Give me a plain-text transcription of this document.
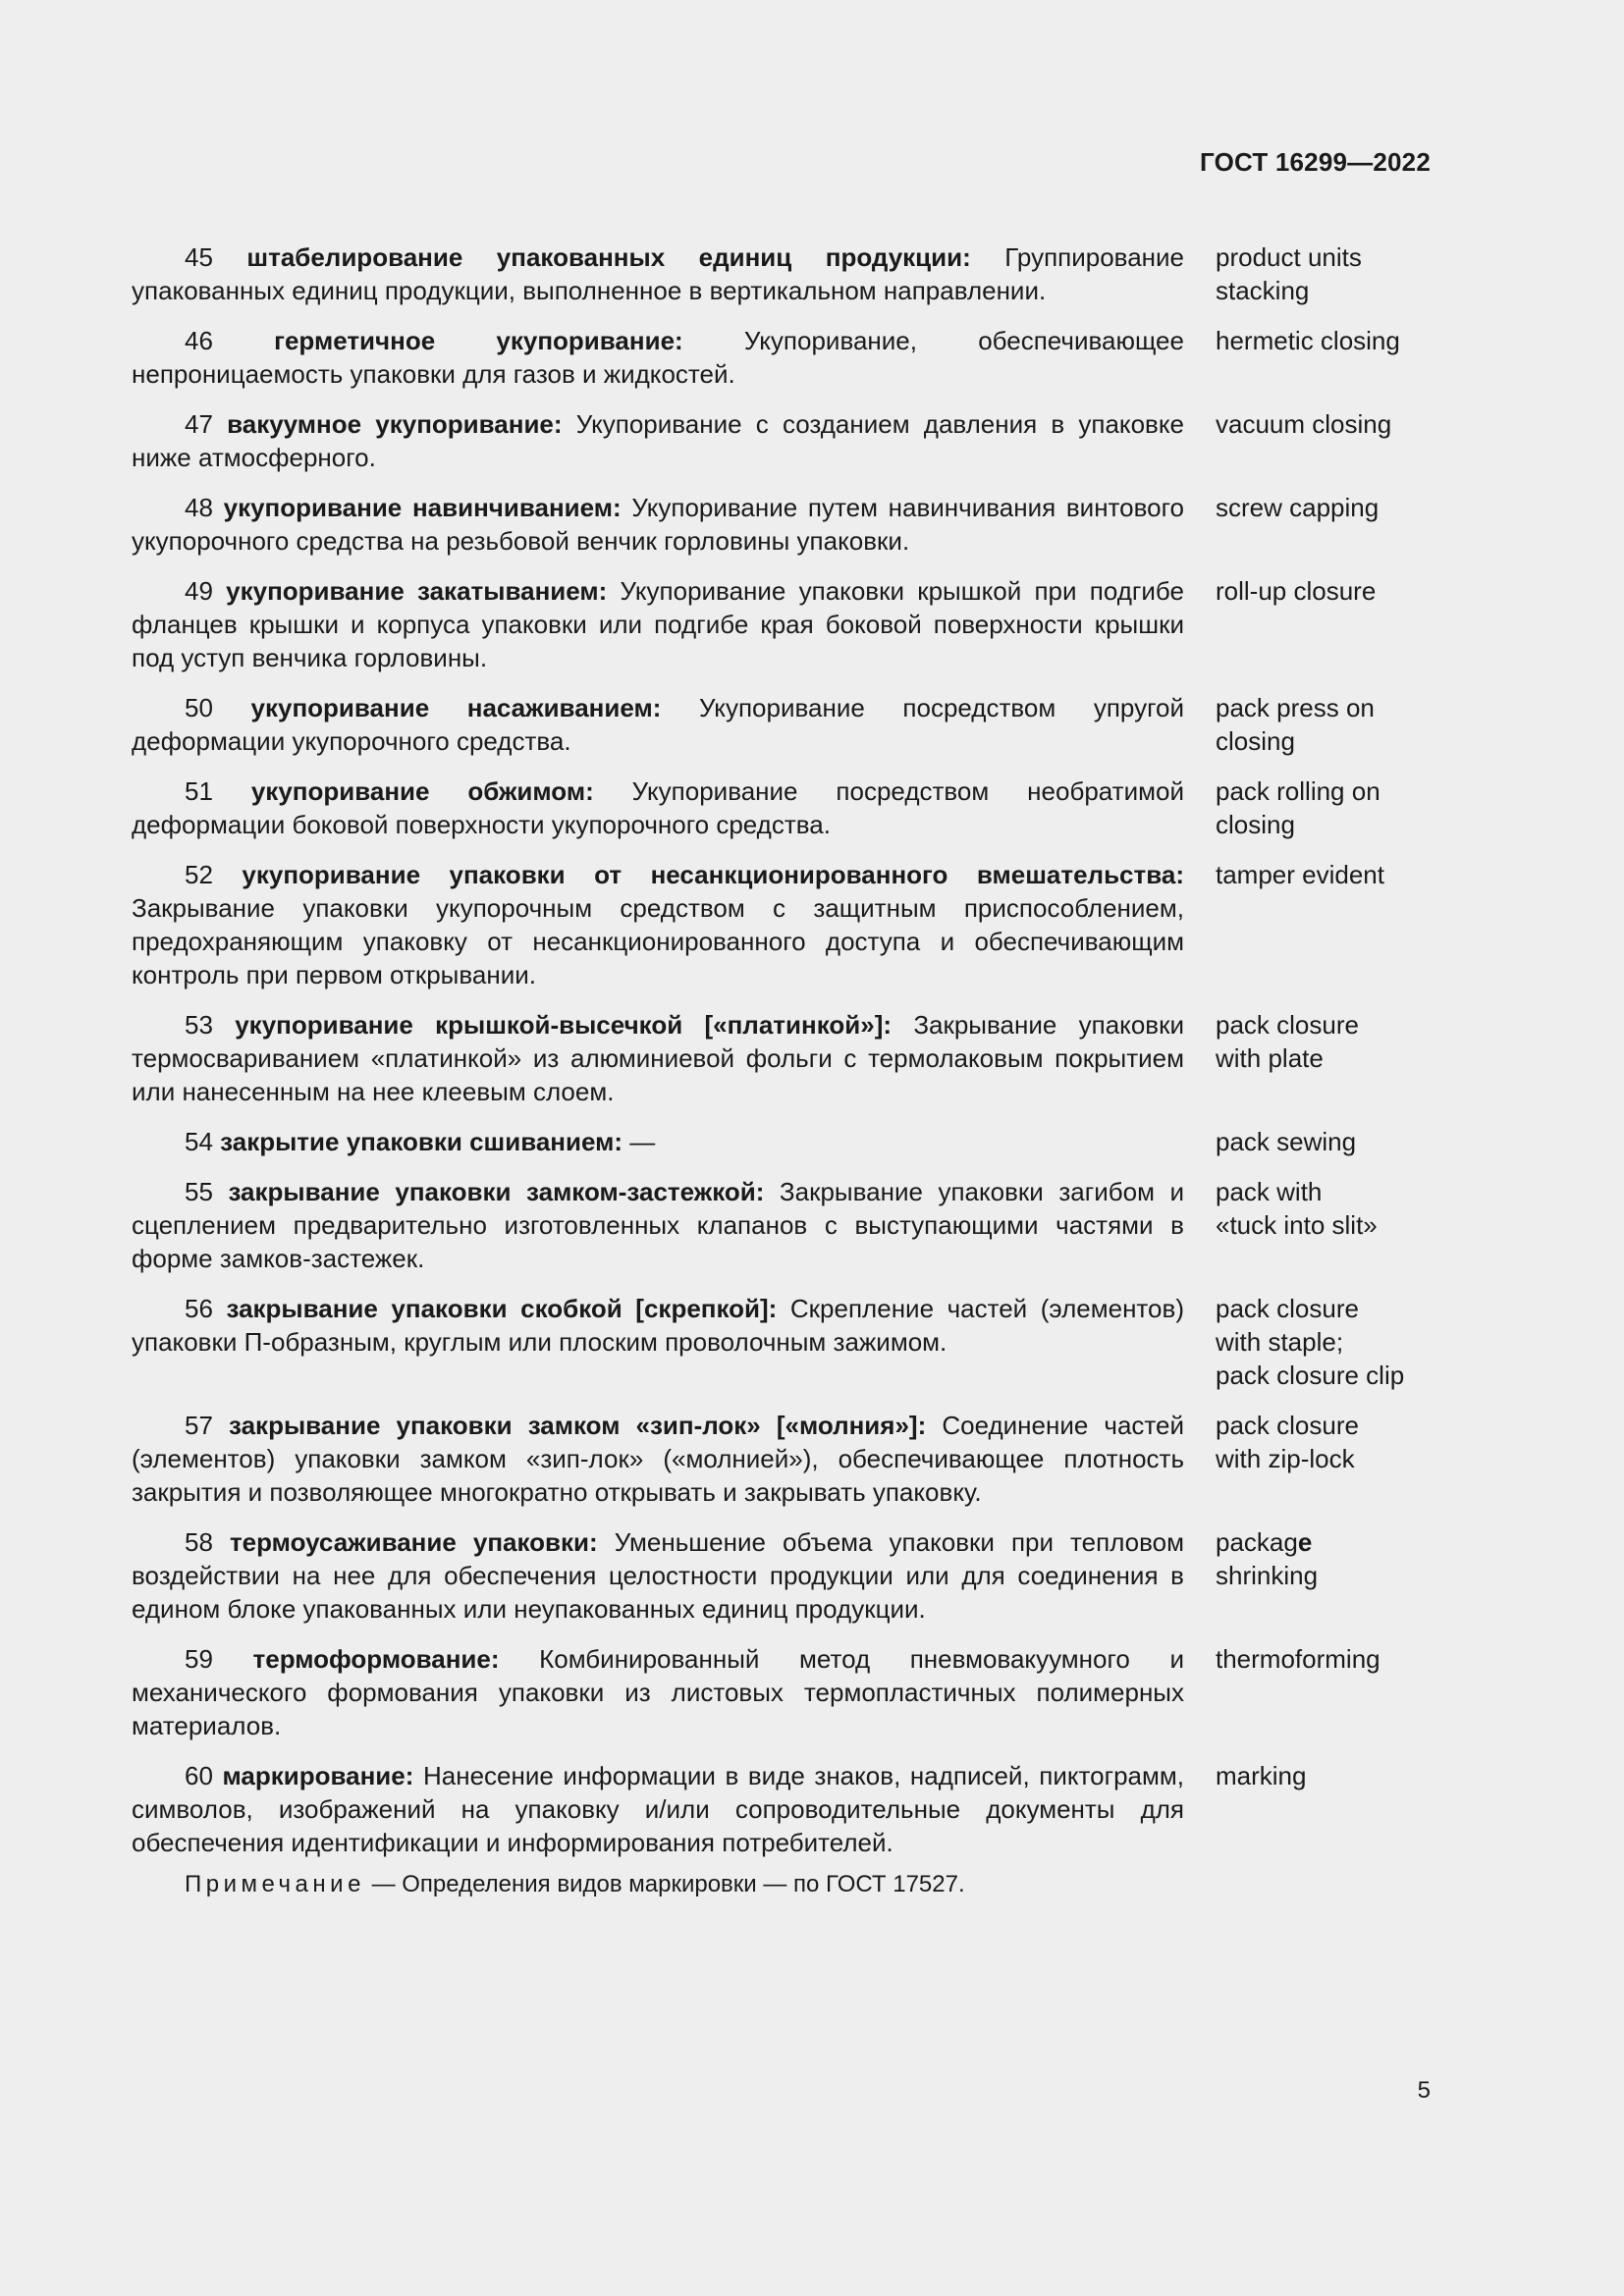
ГОСТ 16299—2022
45 штабелирование упакованных единиц продукции: Группирование упакованных единиц продукции, выполненное в вертикальном направлении.
product units
stacking
46 герметичное укупоривание: Укупоривание, обеспечивающее непроницаемость упаковки для газов и жидкостей.
hermetic closing
47 вакуумное укупоривание: Укупоривание с созданием давления в упаковке ниже атмосферного.
vacuum closing
48 укупоривание навинчиванием: Укупоривание путем навинчивания винтового укупорочного средства на резьбовой венчик горловины упаковки.
screw capping
49 укупоривание закатыванием: Укупоривание упаковки крышкой при подгибе фланцев крышки и корпуса упаковки или подгибе края боковой поверхности крышки под уступ венчика горловины.
roll-up closure
50 укупоривание насаживанием: Укупоривание посредством упругой деформации укупорочного средства.
pack press on
closing
51 укупоривание обжимом: Укупоривание посредством необратимой деформации боковой поверхности укупорочного средства.
pack rolling on
closing
52 укупоривание упаковки от несанкционированного вмешательства: Закрывание упаковки укупорочным средством с защитным приспособлением, предохраняющим упаковку от несанкционированного доступа и обеспечивающим контроль при первом открывании.
tamper evident
53 укупоривание крышкой-высечкой [«платинкой»]: Закрывание упаковки термосвариванием «платинкой» из алюминиевой фольги с термолаковым покрытием или нанесенным на нее клеевым слоем.
pack closure
with plate
54 закрытие упаковки сшиванием: —	pack sewing
55 закрывание упаковки замком-застежкой: Закрывание упаковки загибом и сцеплением предварительно изготовленных клапанов с выступающими частями в форме замков-застежек.
pack with
«tuck into slit»
56 закрывание упаковки скобкой [скрепкой]: Скрепление частей (элементов) упаковки П-образным, круглым или плоским проволочным зажимом.
pack closure
with staple;
pack closure clip
57 закрывание упаковки замком «зип-лок» [«молния»]: Соединение частей (элементов) упаковки замком «зип-лок» («молнией»), обеспечивающее плотность закрытия и позволяющее многократно открывать и закрывать упаковку.
pack closure
with zip-lock
58 термоусаживание упаковки: Уменьшение объема упаковки при тепловом воздействии на нее для обеспечения целостности продукции или для соединения в едином блоке упакованных или неупакованных единиц продукции.
package
shrinking
59 термоформование: Комбинированный метод пневмовакуумного и механического формования упаковки из листовых термопластичных полимерных материалов.
thermoforming
60 маркирование: Нанесение информации в виде знаков, надписей, пиктограмм, символов, изображений на упаковку и/или сопроводительные документы для обеспечения идентификации и информирования потребителей.
marking
Примечание — Определения видов маркировки — по ГОСТ 17527.
5
